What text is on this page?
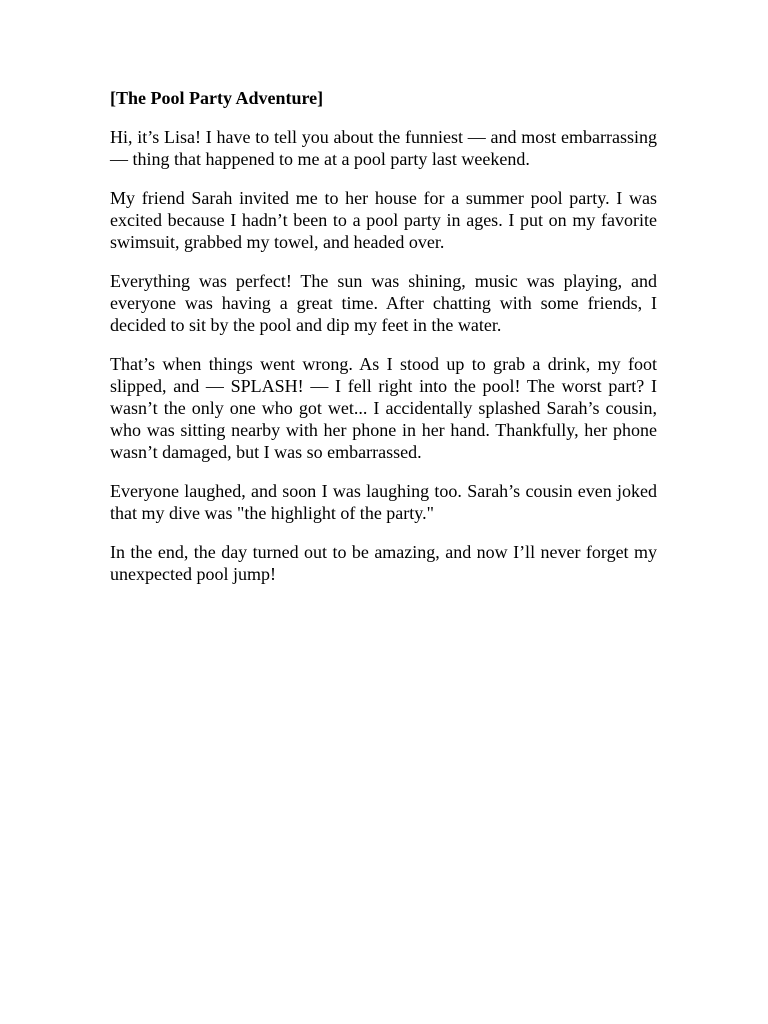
[The Pool Party Adventure]

Hi, it’s Lisa! I have to tell you about the funniest — and most embarrassing — thing that happened to me at a pool party last weekend.

My friend Sarah invited me to her house for a summer pool party. I was excited because I hadn’t been to a pool party in ages. I put on my favorite swimsuit, grabbed my towel, and headed over.

Everything was perfect! The sun was shining, music was playing, and everyone was having a great time. After chatting with some friends, I decided to sit by the pool and dip my feet in the water.

That’s when things went wrong. As I stood up to grab a drink, my foot slipped, and — SPLASH! — I fell right into the pool! The worst part? I wasn’t the only one who got wet... I accidentally splashed Sarah’s cousin, who was sitting nearby with her phone in her hand. Thankfully, her phone wasn’t damaged, but I was so embarrassed.

Everyone laughed, and soon I was laughing too. Sarah’s cousin even joked that my dive was "the highlight of the party."

In the end, the day turned out to be amazing, and now I’ll never forget my unexpected pool jump!
